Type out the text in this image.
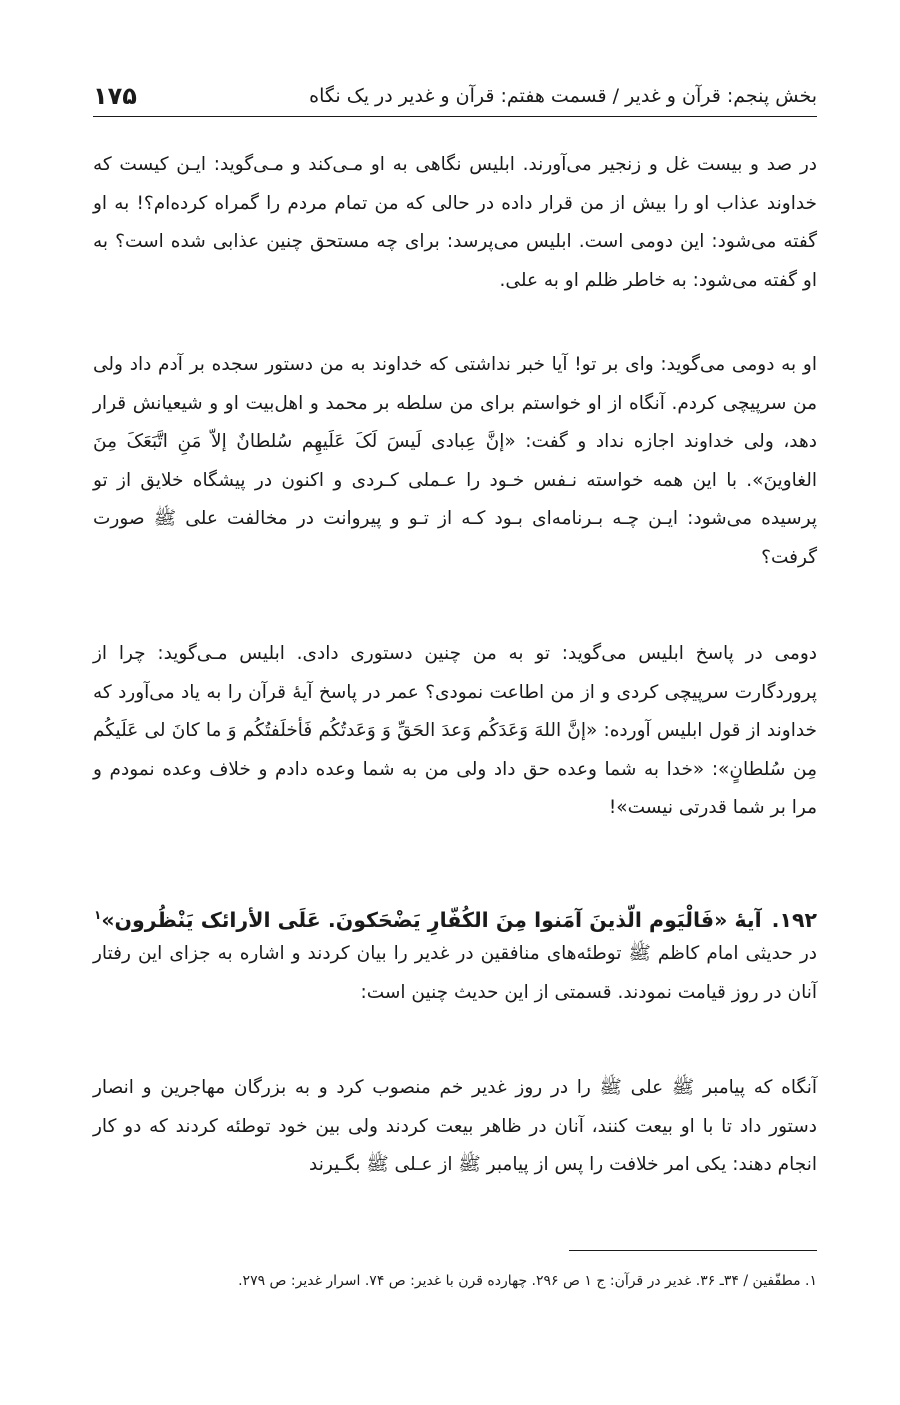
بخش پنجم: قرآن و غدیر / قسمت هفتم: قرآن و غدیر در یک نگاه
۱۷۵

در صد و بیست غل و زنجیر می‌آورند. ابلیس نگاهی به او مـی‌کند و مـی‌گوید: ایـن کیست که خداوند عذاب او را بیش از من قرار داده در حالی که من تمام مردم را گمراه کرده‌ام؟! به او گفته می‌شود: این دومی است. ابلیس می‌پرسد: برای چه مستحق چنین عذابی شده است؟ به او گفته می‌شود: به خاطر ظلم او به علی.

او به دومی می‌گوید: وای بر تو! آیا خبر نداشتی که خداوند به من دستور سجده بر آدم داد ولی من سرپیچی کردم. آنگاه از او خواستم برای من سلطه بر محمد و اهل‌بیت او و شیعیانش قرار دهد، ولی خداوند اجازه نداد و گفت: «إنَّ عِبادی لَیسَ لَکَ عَلَیهِم سُلطانٌ إلاّ مَنِ اتَّبَعَکَ مِنَ الغاوینَ». با این همه خواسته نـفس خـود را عـملی کـردی و اکنون در پیشگاه خلایق از تو پرسیده می‌شود: ایـن چـه بـرنامه‌ای بـود کـه از تـو و پیروانت در مخالفت علی ﷺ صورت گرفت؟

دومی در پاسخ ابلیس می‌گوید: تو به من چنین دستوری دادی. ابلیس مـی‌گوید: چرا از پروردگارت سرپیچی کردی و از من اطاعت نمودی؟ عمر در پاسخ آیهٔ قرآن را به یاد می‌آورد که خداوند از قول ابلیس آورده: «إنَّ اللهَ وَعَدَکُم وَعدَ الحَقِّ وَ وَعَدتُکُم فَأخلَفتُکُم وَ ما کانَ لی عَلَیکُم مِن سُلطانٍ»: «خدا به شما وعده حق داد ولی من به شما وعده دادم و خلاف وعده نمودم و مرا بر شما قدرتی نیست»!

۱۹۲.آیهٔ «فَالْیَوم الّذینَ آمَنوا مِنَ الکُفّارِ یَضْحَکونَ. عَلَی الأرائک یَنْظُرون»$^۱$

در حدیثی امام کاظم ﷺ توطئه‌های منافقین در غدیر را بیان کردند و اشاره به جزای این رفتار آنان در روز قیامت نمودند. قسمتی از این حدیث چنین است:

آنگاه که پیامبر ﷺ علی ﷺ را در روز غدیر خم منصوب کرد و به بزرگان مهاجرین و انصار دستور داد تا با او بیعت کنند، آنان در ظاهر بیعت کردند ولی بین خود توطئه کردند که دو کار انجام دهند: یکی امر خلافت را پس از پیامبر ﷺ از عـلی ﷺ بگـیرند

۱. مطفّفین / ۳۴ـ ۳۶. غدیر در قرآن: ج ۱ ص ۲۹۶. چهارده قرن با غدیر: ص ۷۴. اسرار غدیر: ص ۲۷۹.
